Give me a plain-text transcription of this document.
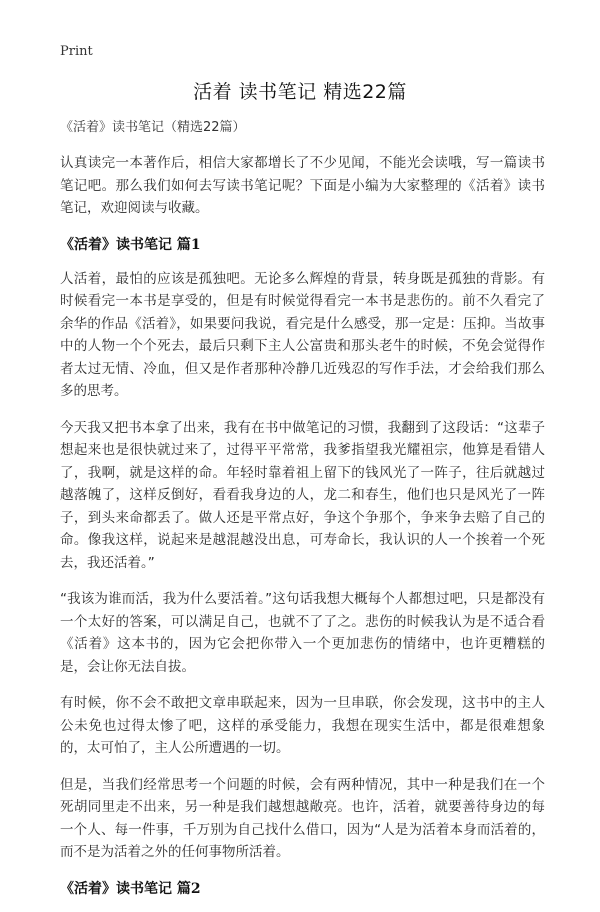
Print
活着 读书笔记 精选22篇

《活着》读书笔记（精选22篇）

认真读完一本著作后，相信大家都增长了不少见闻，不能光会读哦，写一篇读书笔记吧。那么我们如何去写读书笔记呢？下面是小编为大家整理的《活着》读书笔记，欢迎阅读与收藏。

《活着》读书笔记 篇1

人活着，最怕的应该是孤独吧。无论多么辉煌的背景，转身既是孤独的背影。有时候看完一本书是享受的，但是有时候觉得看完一本书是悲伤的。前不久看完了余华的作品《活着》，如果要问我说，看完是什么感受，那一定是：压抑。当故事中的人物一个个死去，最后只剩下主人公富贵和那头老牛的时候，不免会觉得作者太过无情、冷血，但又是作者那种冷静几近残忍的写作手法，才会给我们那么多的思考。

今天我又把书本拿了出来，我有在书中做笔记的习惯，我翻到了这段话：“这辈子想起来也是很快就过来了，过得平平常常，我爹指望我光耀祖宗，他算是看错人了，我啊，就是这样的命。年轻时靠着祖上留下的钱风光了一阵子，往后就越过越落魄了，这样反倒好，看看我身边的人，龙二和春生，他们也只是风光了一阵子，到头来命都丢了。做人还是平常点好，争这个争那个，争来争去赔了自己的命。像我这样，说起来是越混越没出息，可寿命长，我认识的人一个挨着一个死去，我还活着。”

“我该为谁而活，我为什么要活着。”这句话我想大概每个人都想过吧，只是都没有一个太好的答案，可以满足自己，也就不了了之。悲伤的时候我认为是不适合看《活着》这本书的，因为它会把你带入一个更加悲伤的情绪中，也许更糟糕的是，会让你无法自拔。

有时候，你不会不敢把文章串联起来，因为一旦串联，你会发现，这书中的主人公未免也过得太惨了吧，这样的承受能力，我想在现实生活中，都是很难想象的，太可怕了，主人公所遭遇的一切。

但是，当我们经常思考一个问题的时候，会有两种情况，其中一种是我们在一个死胡同里走不出来，另一种是我们越想越敞亮。也许，活着，就要善待身边的每一个人、每一件事，千万别为自己找什么借口，因为“人是为活着本身而活着的，而不是为活着之外的任何事物所活着。

《活着》读书笔记 篇2
